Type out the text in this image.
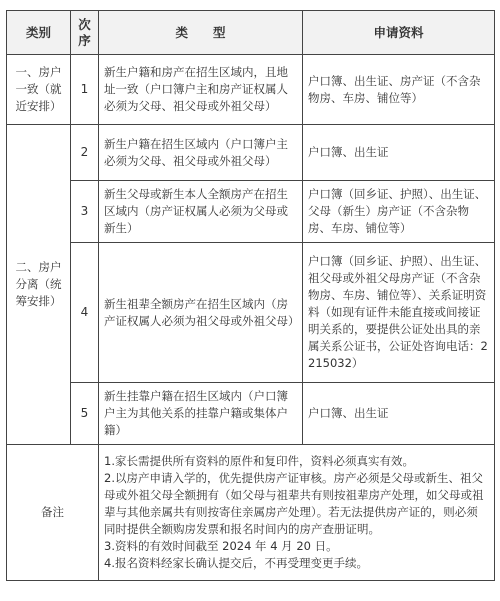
类别	次序	类　　型	申请资料
一、房户一致（就近安排）	1	新生户籍和房产在招生区域内，且地址一致（户口簿户主和房产证权属人必须为父母、祖父母或外祖父母）	户口簿、出生证、房产证（不含杂物房、车房、铺位等）
二、房户分离（统筹安排）	2	新生户籍在招生区域内（户口簿户主必须为父母、祖父母或外祖父母）	户口簿、出生证
	3	新生父母或新生本人全额房产在招生区域内（房产证权属人必须为父母或新生）	户口簿（回乡证、护照）、出生证、父母（新生）房产证（不含杂物房、车房、铺位等）
	4	新生祖辈全额房产在招生区域内（房产证权属人必须为祖父母或外祖父母）	户口簿（回乡证、护照）、出生证、祖父母或外祖父母房产证（不含杂物房、车房、铺位等）、关系证明资料（如现有证件未能直接或间接证明关系的，要提供公证处出具的亲属关系公证书，公证处咨询电话：2215032）
	5	新生挂靠户籍在招生区域内（户口簿户主为其他关系的挂靠户籍或集体户籍）	户口簿、出生证
备注		1.家长需提供所有资料的原件和复印件，资料必须真实有效。
2.以房产申请入学的，优先提供房产证审核。房产必须是父母或新生、祖父母或外祖父母全额拥有（如父母与祖辈共有则按祖辈房产处理，如父母或祖辈与其他亲属共有则按寄住亲属房产处理）。若无法提供房产证的，则必须同时提供全额购房发票和报名时间内的房产查册证明。
3.资料的有效时间截至 2024 年 4 月 20 日。
4.报名资料经家长确认提交后，不再受理变更手续。	
